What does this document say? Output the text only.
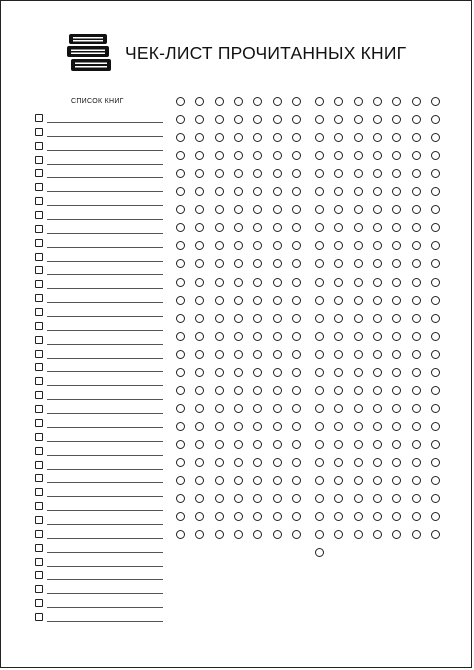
ЧЕК-ЛИСТ ПРОЧИТАННЫХ КНИГ
СПИСОК КНИГ
